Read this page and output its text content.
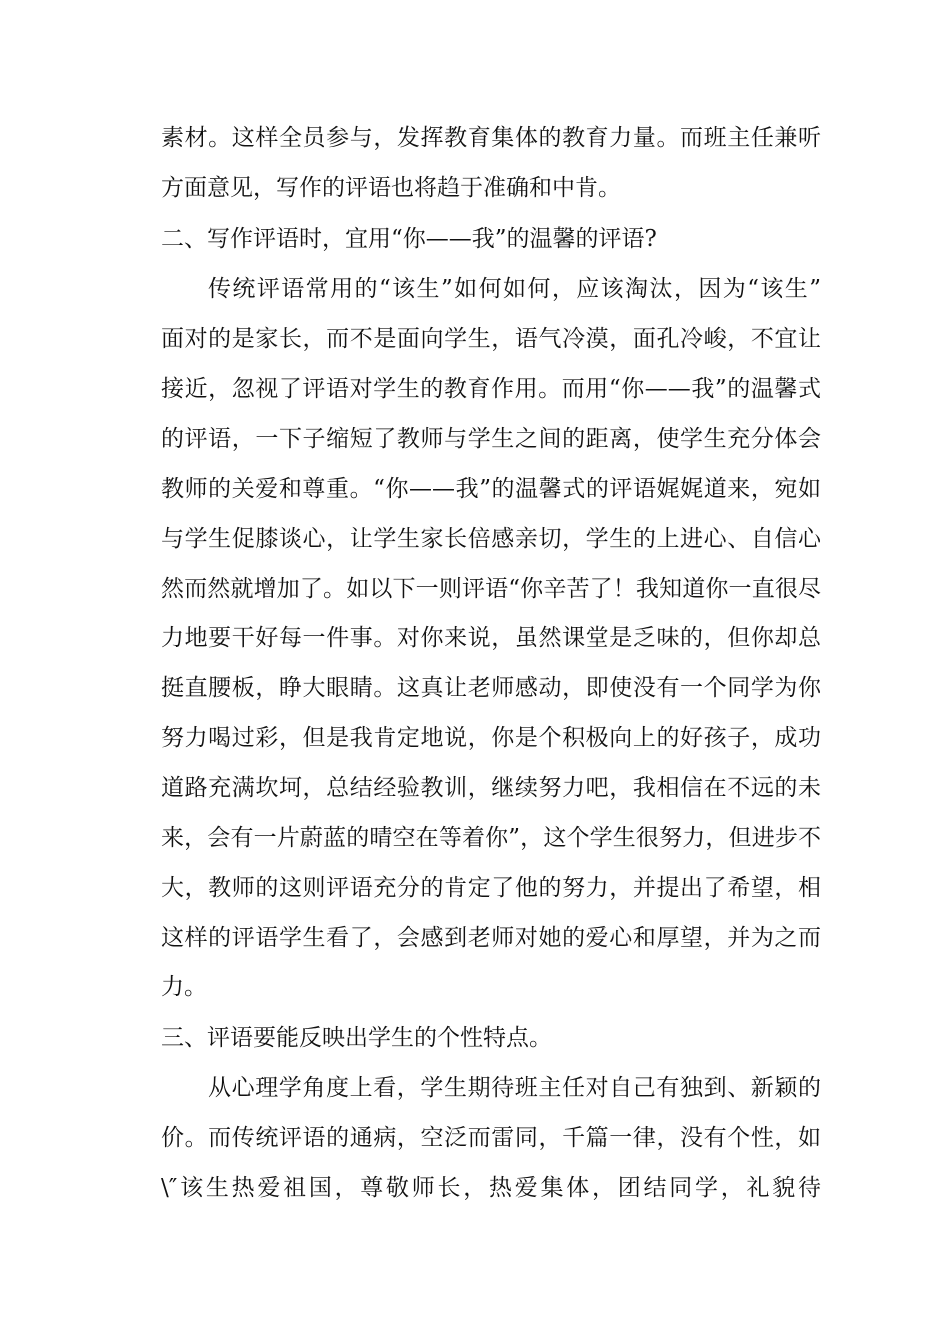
素材。这样全员参与，发挥教育集体的教育力量。而班主任兼听
方面意见，写作的评语也将趋于准确和中肯。
二、写作评语时，宜用“你——我”的温馨的评语?
传统评语常用的“该生”如何如何，应该淘汰，因为“该生”
面对的是家长，而不是面向学生，语气冷漠，面孔冷峻，不宜让
接近，忽视了评语对学生的教育作用。而用“你——我”的温馨式
的评语，一下子缩短了教师与学生之间的距离，使学生充分体会
教师的关爱和尊重。“你——我”的温馨式的评语娓娓道来，宛如
与学生促膝谈心，让学生家长倍感亲切，学生的上进心、自信心
然而然就增加了。如以下一则评语“你辛苦了！我知道你一直很尽
力地要干好每一件事。对你来说，虽然课堂是乏味的，但你却总
挺直腰板，睁大眼睛。这真让老师感动，即使没有一个同学为你
努力喝过彩，但是我肯定地说，你是个积极向上的好孩子，成功
道路充满坎坷，总结经验教训，继续努力吧，我相信在不远的未
来，会有一片蔚蓝的晴空在等着你”，这个学生很努力，但进步不
大，教师的这则评语充分的肯定了他的努力，并提出了希望，相
这样的评语学生看了，会感到老师对她的爱心和厚望，并为之而
力。
三、评语要能反映出学生的个性特点。
从心理学角度上看，学生期待班主任对自己有独到、新颖的
价。而传统评语的通病，空泛而雷同，千篇一律，没有个性，如
\″该生热爱祖国，尊敬师长，热爱集体，团结同学，礼貌待
